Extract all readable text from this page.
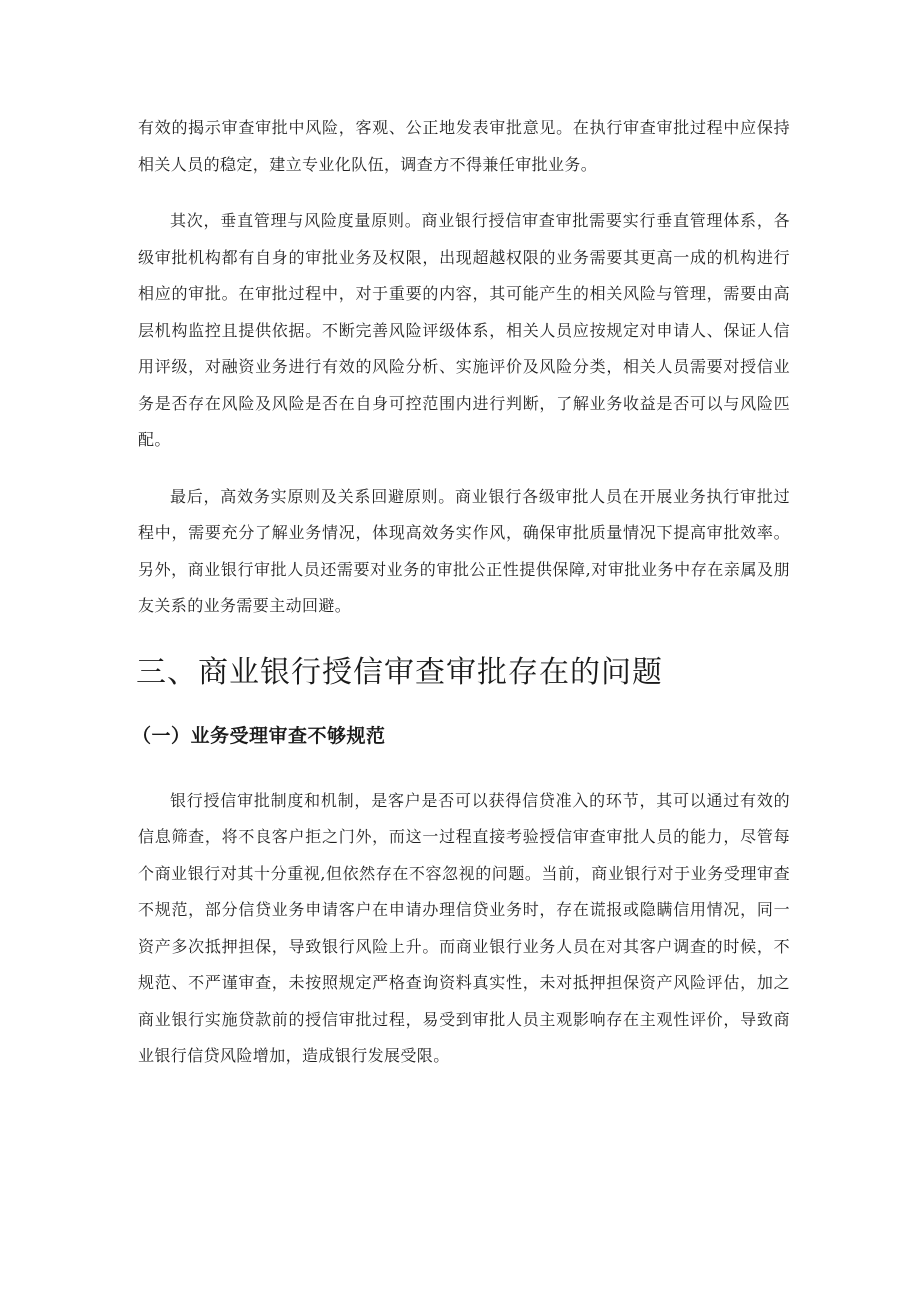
有效的揭示审查审批中风险，客观、公正地发表审批意见。在执行审查审批过程中应保持相关人员的稳定，建立专业化队伍，调查方不得兼任审批业务。

其次，垂直管理与风险度量原则。商业银行授信审查审批需要实行垂直管理体系，各级审批机构都有自身的审批业务及权限，出现超越权限的业务需要其更高一成的机构进行相应的审批。在审批过程中，对于重要的内容，其可能产生的相关风险与管理，需要由高层机构监控且提供依据。不断完善风险评级体系，相关人员应按规定对申请人、保证人信用评级，对融资业务进行有效的风险分析、实施评价及风险分类，相关人员需要对授信业务是否存在风险及风险是否在自身可控范围内进行判断，了解业务收益是否可以与风险匹配。

最后，高效务实原则及关系回避原则。商业银行各级审批人员在开展业务执行审批过程中，需要充分了解业务情况，体现高效务实作风，确保审批质量情况下提高审批效率。另外，商业银行审批人员还需要对业务的审批公正性提供保障,对审批业务中存在亲属及朋友关系的业务需要主动回避。

三、商业银行授信审查审批存在的问题
（一）业务受理审查不够规范

银行授信审批制度和机制，是客户是否可以获得信贷准入的环节，其可以通过有效的信息筛查，将不良客户拒之门外，而这一过程直接考验授信审查审批人员的能力，尽管每个商业银行对其十分重视,但依然存在不容忽视的问题。当前，商业银行对于业务受理审查不规范，部分信贷业务申请客户在申请办理信贷业务时，存在谎报或隐瞒信用情况，同一资产多次抵押担保，导致银行风险上升。而商业银行业务人员在对其客户调查的时候，不规范、不严谨审查，未按照规定严格查询资料真实性，未对抵押担保资产风险评估，加之商业银行实施贷款前的授信审批过程，易受到审批人员主观影响存在主观性评价，导致商业银行信贷风险增加，造成银行发展受限。
